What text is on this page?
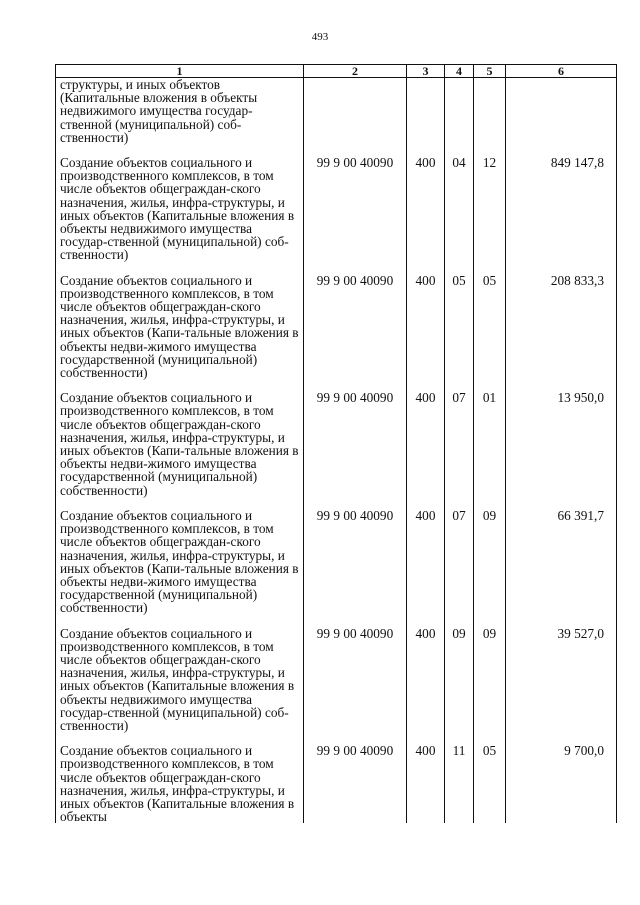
493
1	2	3	4	5	6
структуры, и иных объектов (Капитальные вложения в объекты недвижимого имущества государ-ственной (муниципальной) соб-ственности)					

Создание объектов социального и производственного комплексов, в том числе объектов общеграждан-ского назначения, жилья, инфра-структуры, и иных объектов (Капитальные вложения в объекты недвижимого имущества государ-ственной (муниципальной) соб-ственности)	99 9 00 40090	400	04	12	849 147,8

Создание объектов социального и производственного комплексов, в том числе объектов общеграждан-ского назначения, жилья, инфра-структуры, и иных объектов (Капи-тальные вложения в объекты недви-жимого имущества государственной (муниципальной) собственности)	99 9 00 40090	400	05	05	208 833,3

Создание объектов социального и производственного комплексов, в том числе объектов общеграждан-ского назначения, жилья, инфра-структуры, и иных объектов (Капи-тальные вложения в объекты недви-жимого имущества государственной (муниципальной) собственности)	99 9 00 40090	400	07	01	13 950,0

Создание объектов социального и производственного комплексов, в том числе объектов общеграждан-ского назначения, жилья, инфра-структуры, и иных объектов (Капи-тальные вложения в объекты недви-жимого имущества государственной (муниципальной) собственности)	99 9 00 40090	400	07	09	66 391,7

Создание объектов социального и производственного комплексов, в том числе объектов общеграждан-ского назначения, жилья, инфра-структуры, и иных объектов (Капитальные вложения в объекты недвижимого имущества государ-ственной (муниципальной) соб-ственности)	99 9 00 40090	400	09	09	39 527,0

Создание объектов социального и производственного комплексов, в том числе объектов общеграждан-ского назначения, жилья, инфра-структуры, и иных объектов (Капитальные вложения в объекты	99 9 00 40090	400	11	05	9 700,0
